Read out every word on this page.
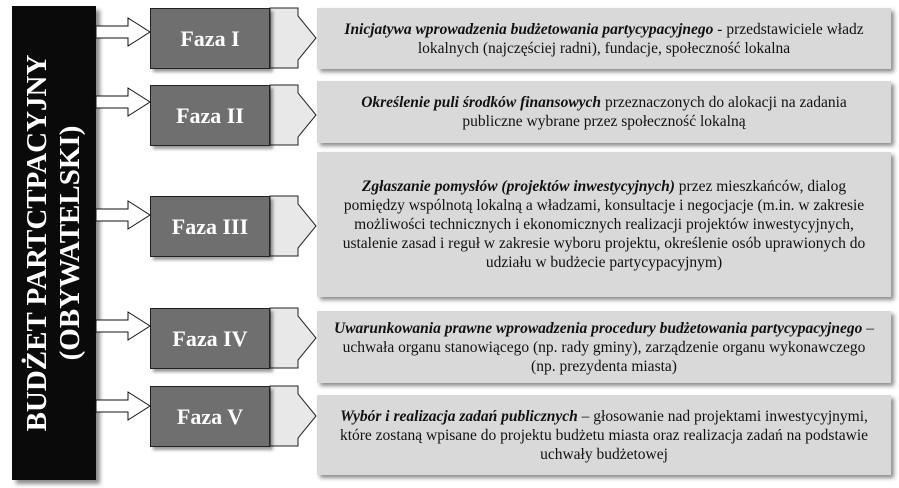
BUDŻET PARTCTPACYJNY (OBYWATELSKI)
Faza I
Faza II
Faza III
Faza IV
Faza V
Inicjatywa wprowadzenia budżetowania partycypacyjnego - przedstawiciele władz lokalnych (najczęściej radni), fundacje, społeczność lokalna
Określenie puli środków finansowych przeznaczonych do alokacji na zadania publiczne wybrane przez społeczność lokalną
Zgłaszanie pomysłów (projektów inwestycyjnych) przez mieszkańców, dialog pomiędzy wspólnotą lokalną a władzami, konsultacje i negocjacje (m.in. w zakresie możliwości technicznych i ekonomicznych realizacji projektów inwestycyjnych, ustalenie zasad i reguł w zakresie wyboru projektu, określenie osób uprawionych do udziału w budżecie partycypacyjnym)
Uwarunkowania prawne wprowadzenia procedury budżetowania partycypacyjnego – uchwała organu stanowiącego (np. rady gminy), zarządzenie organu wykonawczego (np. prezydenta miasta)
Wybór i realizacja zadań publicznych – głosowanie nad projektami inwestycyjnymi, które zostaną wpisane do projektu budżetu miasta oraz realizacja zadań na podstawie uchwały budżetowej
